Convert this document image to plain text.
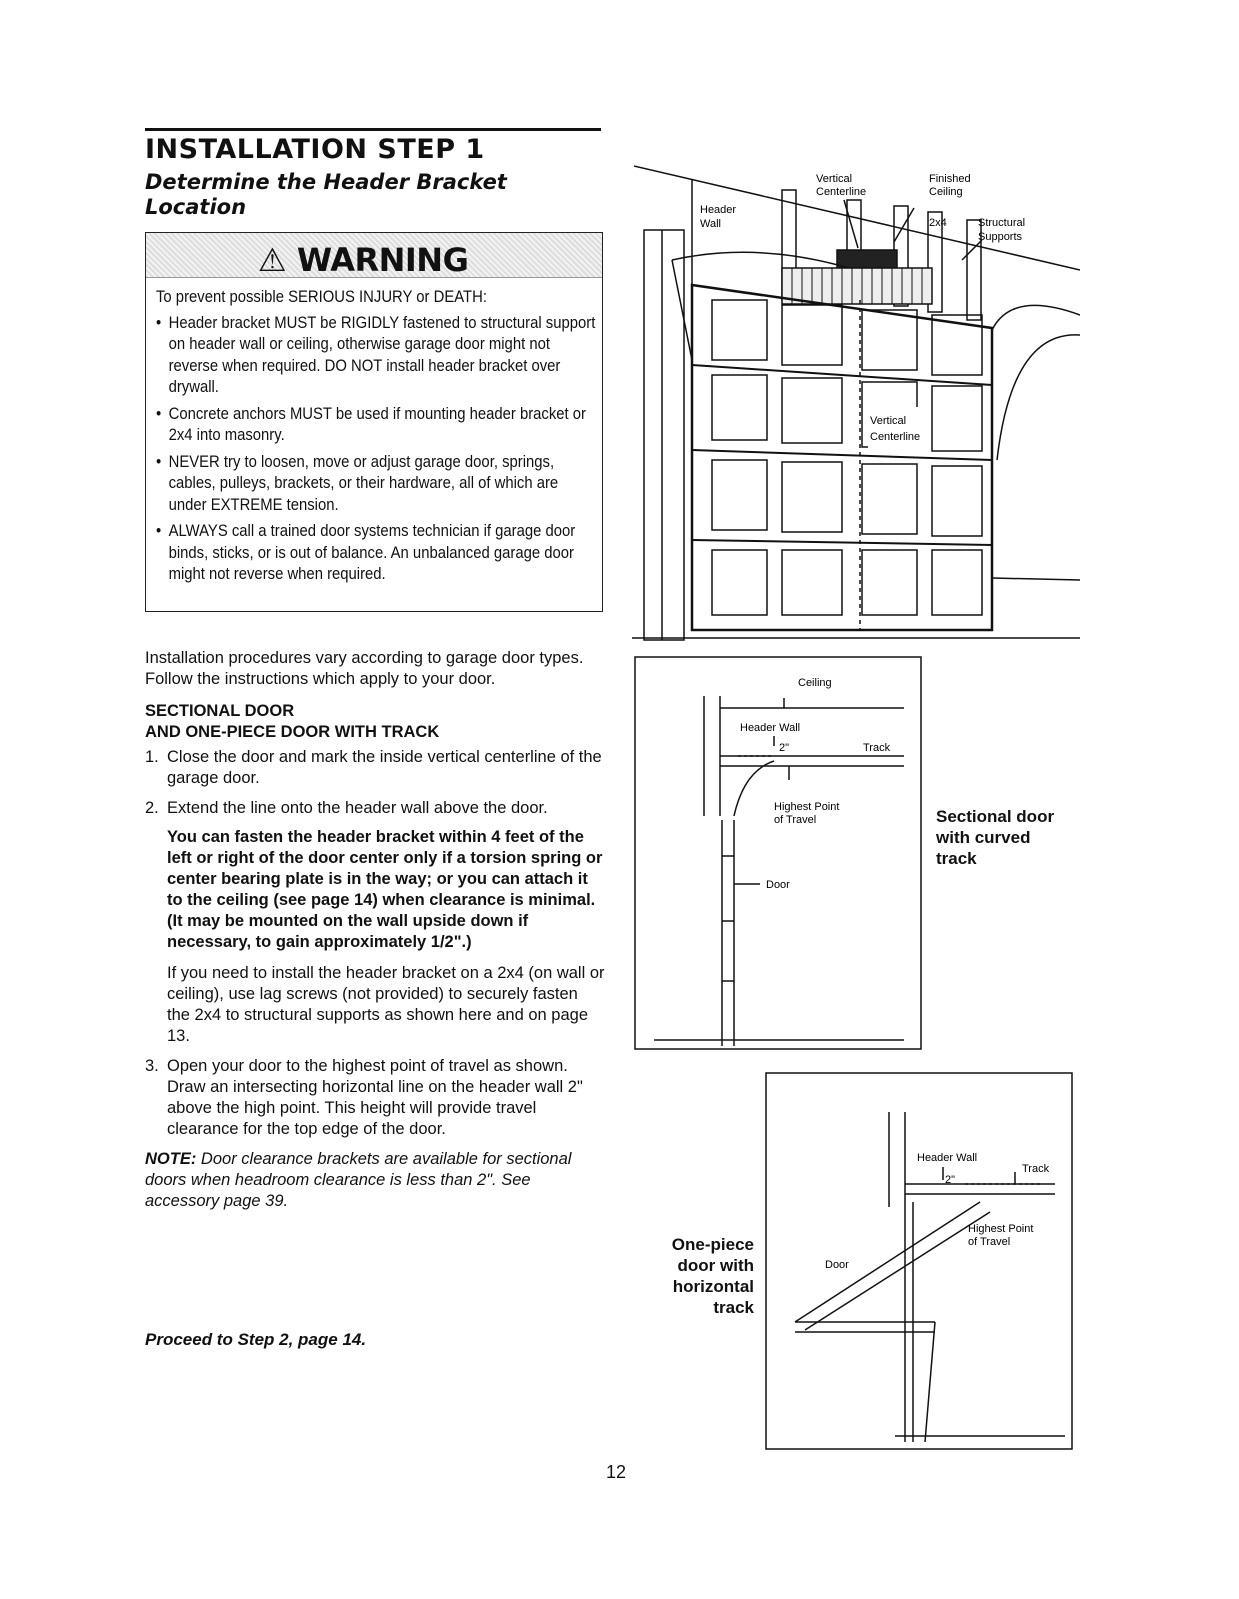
INSTALLATION STEP 1
Determine the Header Bracket Location
⚠ WARNING
To prevent possible SERIOUS INJURY or DEATH:
• Header bracket MUST be RIGIDLY fastened to structural support on header wall or ceiling, otherwise garage door might not reverse when required. DO NOT install header bracket over drywall.
• Concrete anchors MUST be used if mounting header bracket or 2x4 into masonry.
• NEVER try to loosen, move or adjust garage door, springs, cables, pulleys, brackets, or their hardware, all of which are under EXTREME tension.
• ALWAYS call a trained door systems technician if garage door binds, sticks, or is out of balance. An unbalanced garage door might not reverse when required.

Installation procedures vary according to garage door types. Follow the instructions which apply to your door.

SECTIONAL DOOR
AND ONE-PIECE DOOR WITH TRACK
1. Close the door and mark the inside vertical centerline of the garage door.
2. Extend the line onto the header wall above the door.
You can fasten the header bracket within 4 feet of the left or right of the door center only if a torsion spring or center bearing plate is in the way; or you can attach it to the ceiling (see page 14) when clearance is minimal. (It may be mounted on the wall upside down if necessary, to gain approximately 1/2".)
If you need to install the header bracket on a 2x4 (on wall or ceiling), use lag screws (not provided) to securely fasten the 2x4 to structural supports as shown here and on page 13.
3. Open your door to the highest point of travel as shown. Draw an intersecting horizontal line on the header wall 2" above the high point. This height will provide travel clearance for the top edge of the door.
NOTE: Door clearance brackets are available for sectional doors when headroom clearance is less than 2". See accessory page 39.
Proceed to Step 2, page 14.
Header
Wall
Vertical
Centerline
Finished
Ceiling
2x4	Structural
Supports
Vertical
Centerline
Ceiling
Header Wall
2"	Track
Highest Point
of Travel
Door
Sectional door
with curved
track
Header Wall
2"
Track
Highest Point
of Travel
Door
One-piece
door with
horizontal
track
12
